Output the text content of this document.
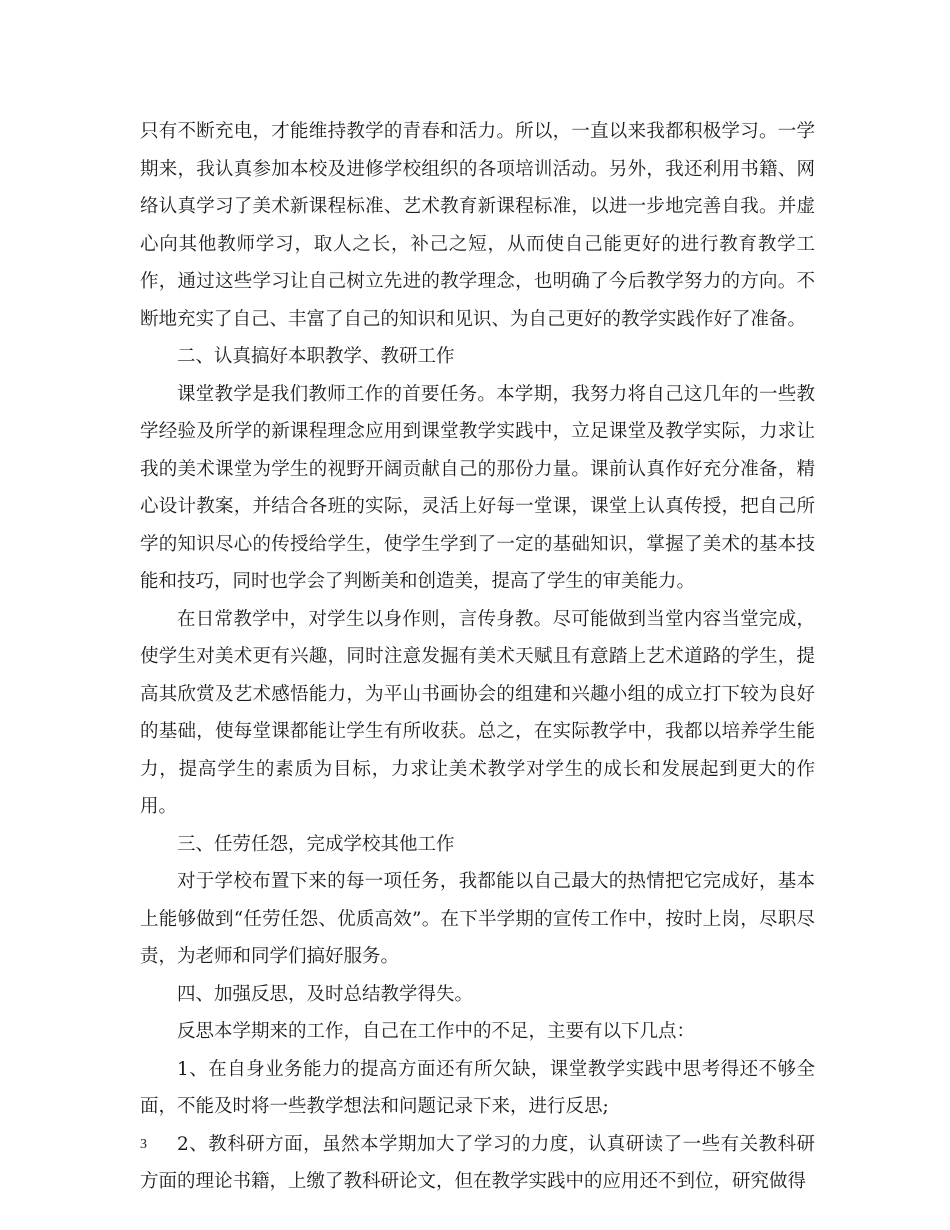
只有不断充电，才能维持教学的青春和活力。所以，一直以来我都积极学习。一学期来，我认真参加本校及进修学校组织的各项培训活动。另外，我还利用书籍、网络认真学习了美术新课程标准、艺术教育新课程标准，以进一步地完善自我。并虚心向其他教师学习，取人之长，补己之短，从而使自己能更好的进行教育教学工作，通过这些学习让自己树立先进的教学理念，也明确了今后教学努力的方向。不断地充实了自己、丰富了自己的知识和见识、为自己更好的教学实践作好了准备。

二、认真搞好本职教学、教研工作

课堂教学是我们教师工作的首要任务。本学期，我努力将自己这几年的一些教学经验及所学的新课程理念应用到课堂教学实践中，立足课堂及教学实际，力求让我的美术课堂为学生的视野开阔贡献自己的那份力量。课前认真作好充分准备，精心设计教案，并结合各班的实际，灵活上好每一堂课，课堂上认真传授，把自己所学的知识尽心的传授给学生，使学生学到了一定的基础知识，掌握了美术的基本技能和技巧，同时也学会了判断美和创造美，提高了学生的审美能力。

在日常教学中，对学生以身作则，言传身教。尽可能做到当堂内容当堂完成，使学生对美术更有兴趣，同时注意发掘有美术天赋且有意踏上艺术道路的学生，提高其欣赏及艺术感悟能力，为平山书画协会的组建和兴趣小组的成立打下较为良好的基础，使每堂课都能让学生有所收获。总之，在实际教学中，我都以培养学生能力，提高学生的素质为目标，力求让美术教学对学生的成长和发展起到更大的作用。

三、任劳任怨，完成学校其他工作

对于学校布置下来的每一项任务，我都能以自己最大的热情把它完成好，基本上能够做到“任劳任怨、优质高效”。在下半学期的宣传工作中，按时上岗，尽职尽责，为老师和同学们搞好服务。

四、加强反思，及时总结教学得失。

反思本学期来的工作，自己在工作中的不足，主要有以下几点：

1、在自身业务能力的提高方面还有所欠缺，课堂教学实践中思考得还不够全面，不能及时将一些教学想法和问题记录下来，进行反思;

2、教科研方面，虽然本学期加大了学习的力度，认真研读了一些有关教科研方面的理论书籍，上缴了教科研论文，但在教学实践中的应用还不到位，研究做得

3
